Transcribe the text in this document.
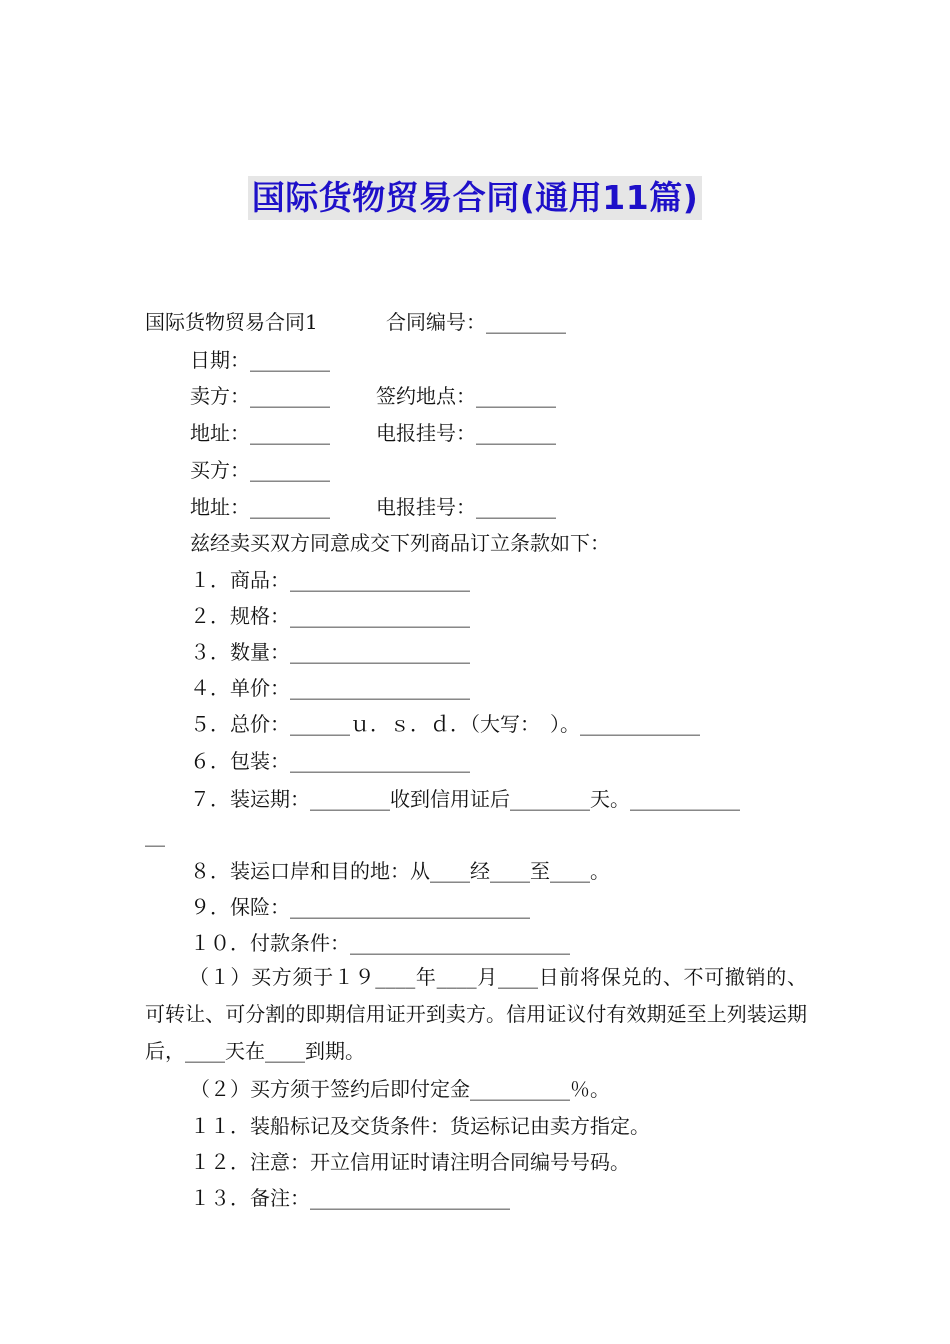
国际货物贸易合同(通用11篇)
国际货物贸易合同1	合同编号：________
日期：________
卖方：________ 签约地点：________
地址：________ 电报挂号：________
买方：________
地址：________ 电报挂号：________
兹经卖买双方同意成交下列商品订立条款如下：
１．商品：__________________
２．规格：__________________
３．数量：__________________
４．单价：__________________
５．总价：______ｕ．ｓ．ｄ．（大写：　）。____________
６．包装：__________________
７．装运期：________收到信用证后________天。___________
__
８．装运口岸和目的地：从____经____至____。
９．保险：________________________
１０．付款条件：______________________
（１）买方须于１９____年____月____日前将保兑的、不可撤销的、可转让、可分割的即期信用证开到卖方。信用证议付有效期延至上列装运期后，____天在____到期。
（２）买方须于签约后即付定金__________％。
１１．装船标记及交货条件：货运标记由卖方指定。
１２．注意：开立信用证时请注明合同编号号码。
１３．备注：____________________
